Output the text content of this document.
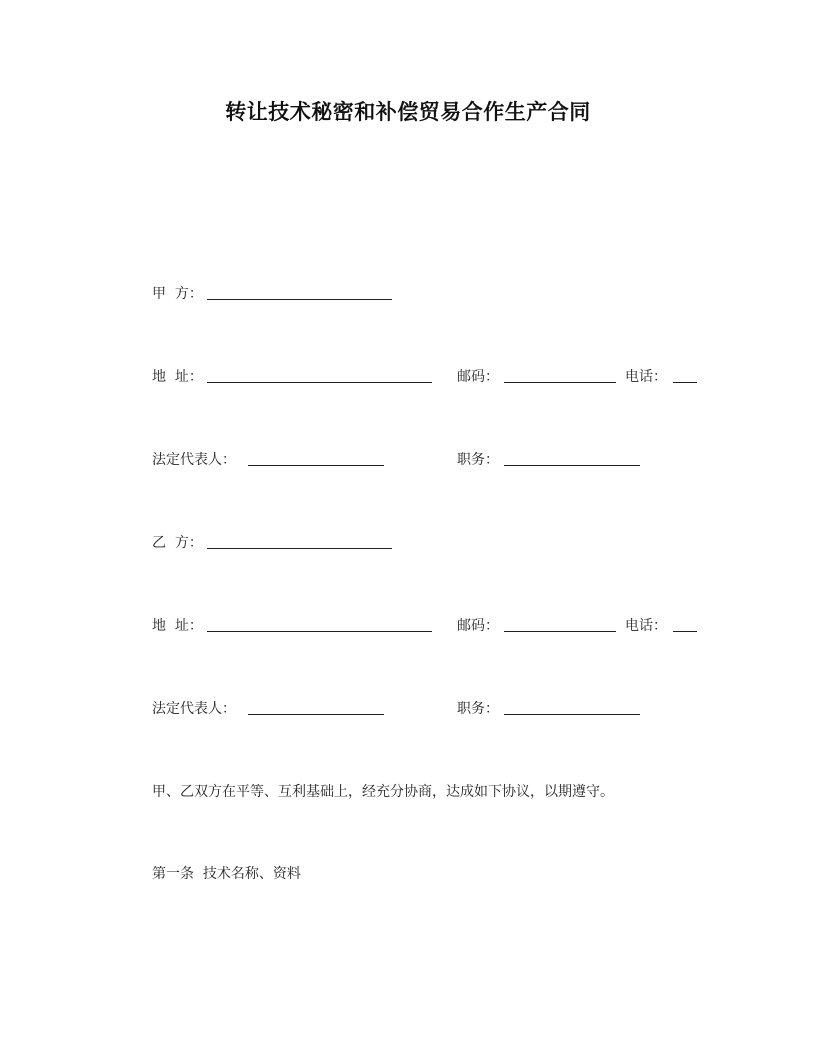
转让技术秘密和补偿贸易合作生产合同
甲  方：
地  址：	邮码：	电话：
法定代表人：	职务：
乙  方：
地  址：	邮码：	电话：
法定代表人：	职务：
甲、乙双方在平等、互利基础上，经充分协商，达成如下协议，以期遵守。
第一条  技术名称、资料
